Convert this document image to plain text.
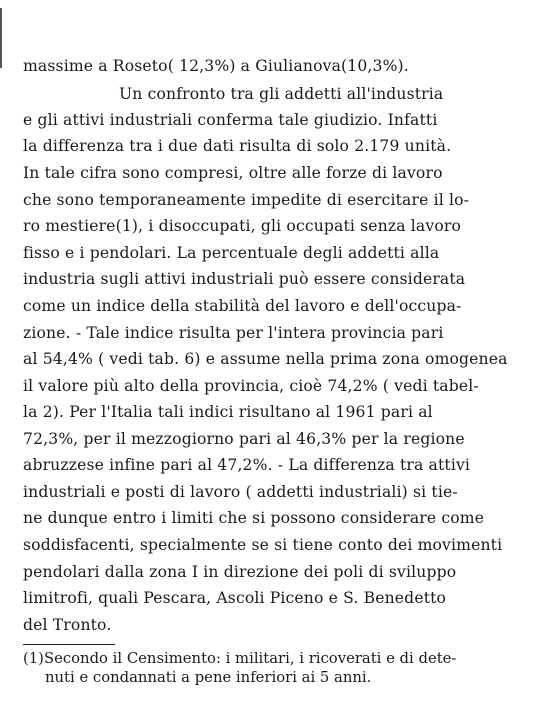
massime a Roseto( 12,3%) a Giulianova(10,3%).
Un confronto tra gli addetti all'industria
e gli attivi industriali conferma tale giudizio. Infatti
la differenza tra i due dati risulta di solo 2.179 unità.
In tale cifra sono compresi, oltre alle forze di lavoro
che sono temporaneamente impedite di esercitare il lo-
ro mestiere(1), i disoccupati, gli occupati senza lavoro
fisso e i pendolari. La percentuale degli addetti alla
industria sugli attivi industriali può essere considerata
come un indice della stabilità del lavoro e dell'occupa-
zione. - Tale indice risulta per l'intera provincia pari
al 54,4% ( vedi tab. 6) e assume nella prima zona omogenea
il valore più alto della provincia, cioè 74,2% ( vedi tabel-
la 2). Per l'Italia tali indici risultano al 1961 pari al
72,3%, per il mezzogiorno pari al 46,3% per la regione
abruzzese infine pari al 47,2%. - La differenza tra attivi
industriali e posti di lavoro ( addetti industriali) si tie-
ne dunque entro i limiti che si possono considerare come
soddisfacenti, specialmente se si tiene conto dei movimenti
pendolari dalla zona I in direzione dei poli di sviluppo
limitrofi, quali Pescara, Ascoli Piceno e S. Benedetto
del Tronto.
(1)Secondo il Censimento: i militari, i ricoverati e di dete-
nuti e condannati a pene inferiori ai 5 anni.
